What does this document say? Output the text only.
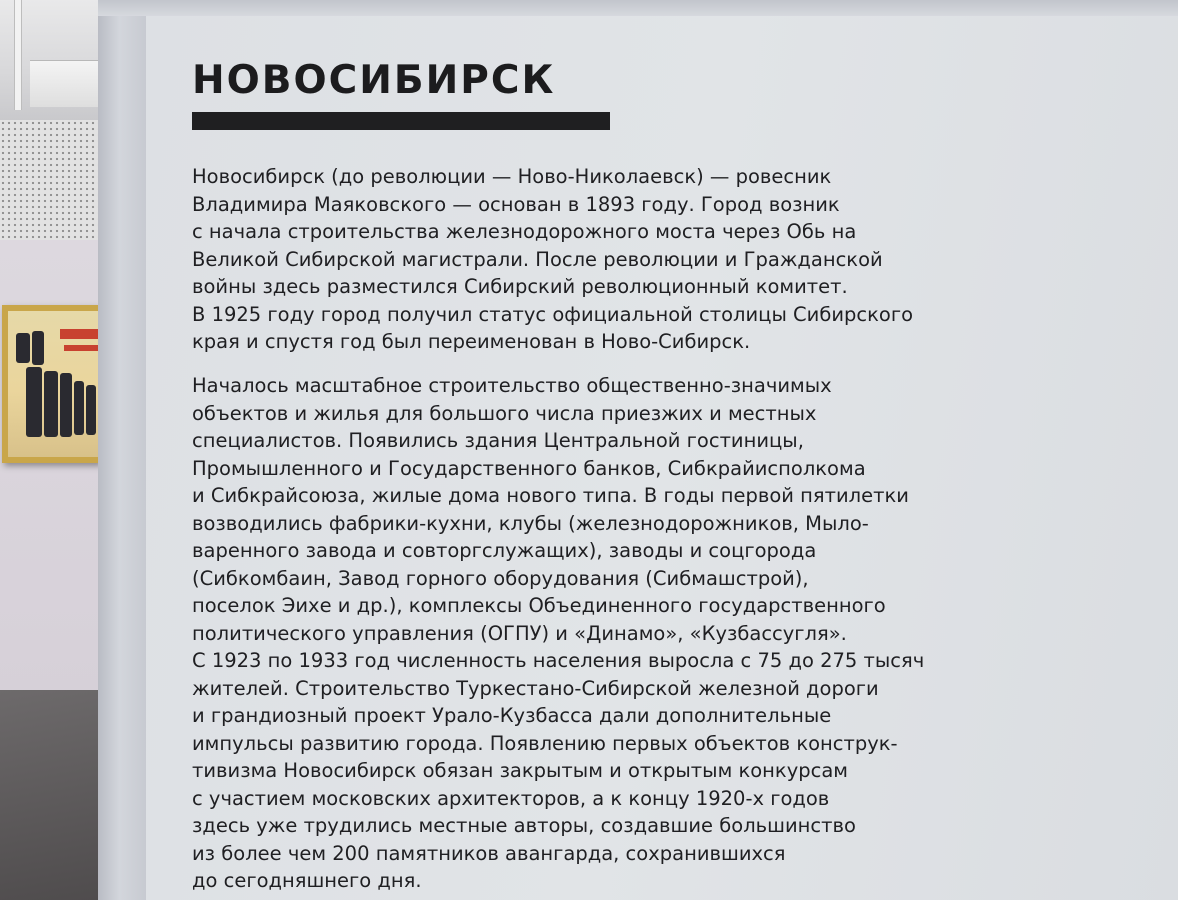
НОВОСИБИРСК
Новосибирск (до революции — Ново-Николаевск) — ровесник
Владимира Маяковского — основан в 1893 году. Город возник
с начала строительства железнодорожного моста через Обь на
Великой Сибирской магистрали. После революции и Гражданской
войны здесь разместился Сибирский революционный комитет.
В 1925 году город получил статус официальной столицы Сибирского
края и спустя год был переименован в Ново-Сибирск.
Началось масштабное строительство общественно-значимых
объектов и жилья для большого числа приезжих и местных
специалистов. Появились здания Центральной гостиницы,
Промышленного и Государственного банков, Сибкрайисполкома
и Сибкрайсоюза, жилые дома нового типа. В годы первой пятилетки
возводились фабрики-кухни, клубы (железнодорожников, Мыло-
варенного завода и совторгслужащих), заводы и соцгорода
(Сибкомбаин, Завод горного оборудования (Сибмашстрой),
поселок Эихе и др.), комплексы Объединенного государственного
политического управления (ОГПУ) и «Динамо», «Кузбассугля».
С 1923 по 1933 год численность населения выросла с 75 до 275 тысяч
жителей. Строительство Туркестано-Сибирской железной дороги
и грандиозный проект Урало-Кузбасса дали дополнительные
импульсы развитию города. Появлению первых объектов конструк-
тивизма Новосибирск обязан закрытым и открытым конкурсам
с участием московских архитекторов, а к концу 1920-х годов
здесь уже трудились местные авторы, создавшие большинство
из более чем 200 памятников авангарда, сохранившихся
до сегодняшнего дня.
